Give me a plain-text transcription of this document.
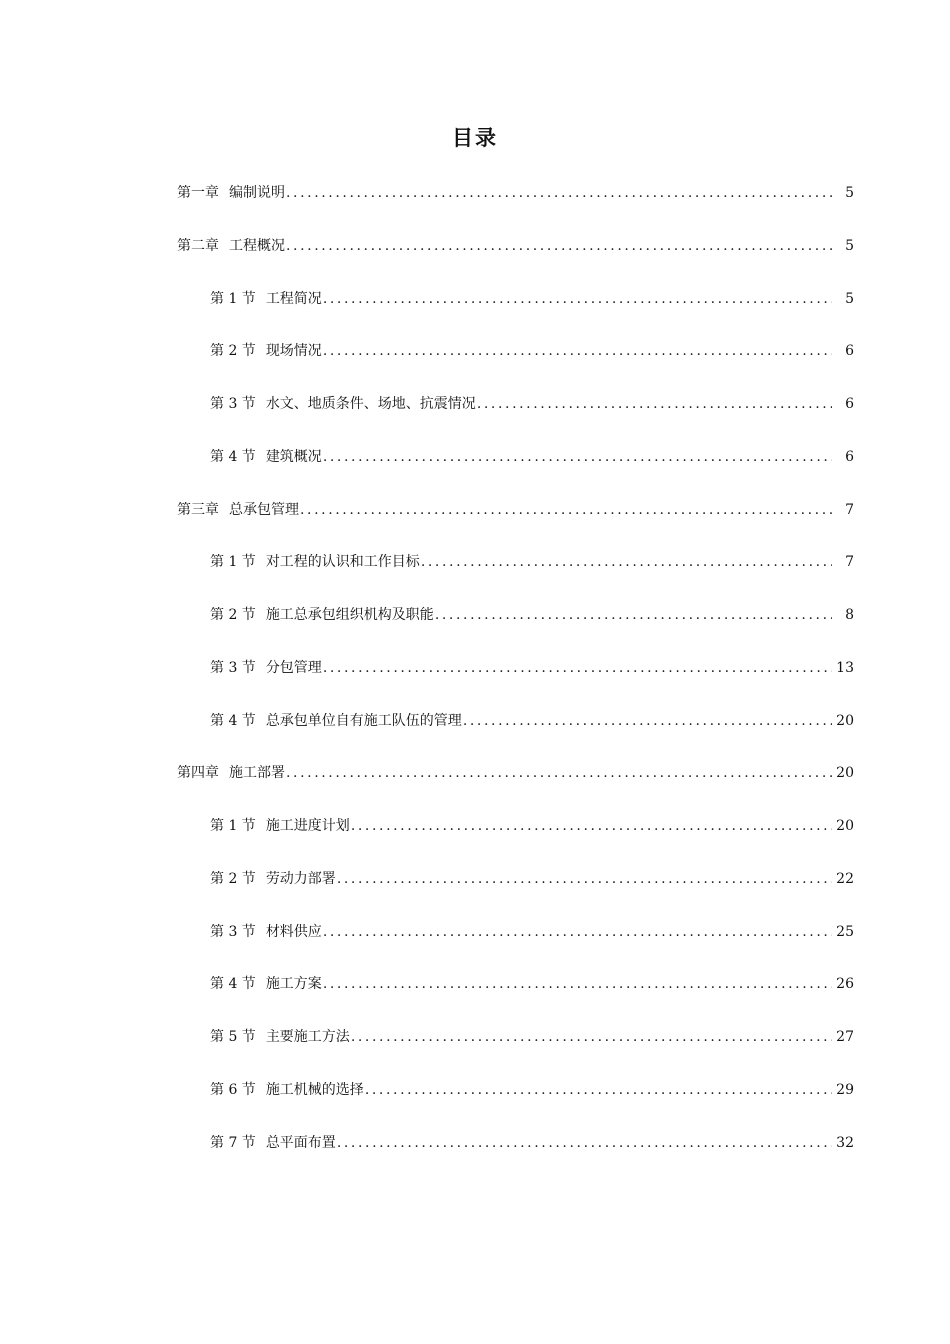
目录
第一章 编制说明 .....	5
第二章 工程概况 .....	5
第 1 节 工程简况 .....	5
第 2 节 现场情况 .....	6
第 3 节 水文、地质条件、场地、抗震情况 .....	6
第 4 节 建筑概况 .....	6
第三章 总承包管理 .....	7
第 1 节 对工程的认识和工作目标 .....	7
第 2 节 施工总承包组织机构及职能 .....	8
第 3 节 分包管理 .....	13
第 4 节 总承包单位自有施工队伍的管理 .....	20
第四章 施工部署 .....	20
第 1 节 施工进度计划 .....	20
第 2 节 劳动力部署 .....	22
第 3 节 材料供应 .....	25
第 4 节 施工方案 .....	26
第 5 节 主要施工方法 .....	27
第 6 节 施工机械的选择 .....	29
第 7 节 总平面布置 .....	32
